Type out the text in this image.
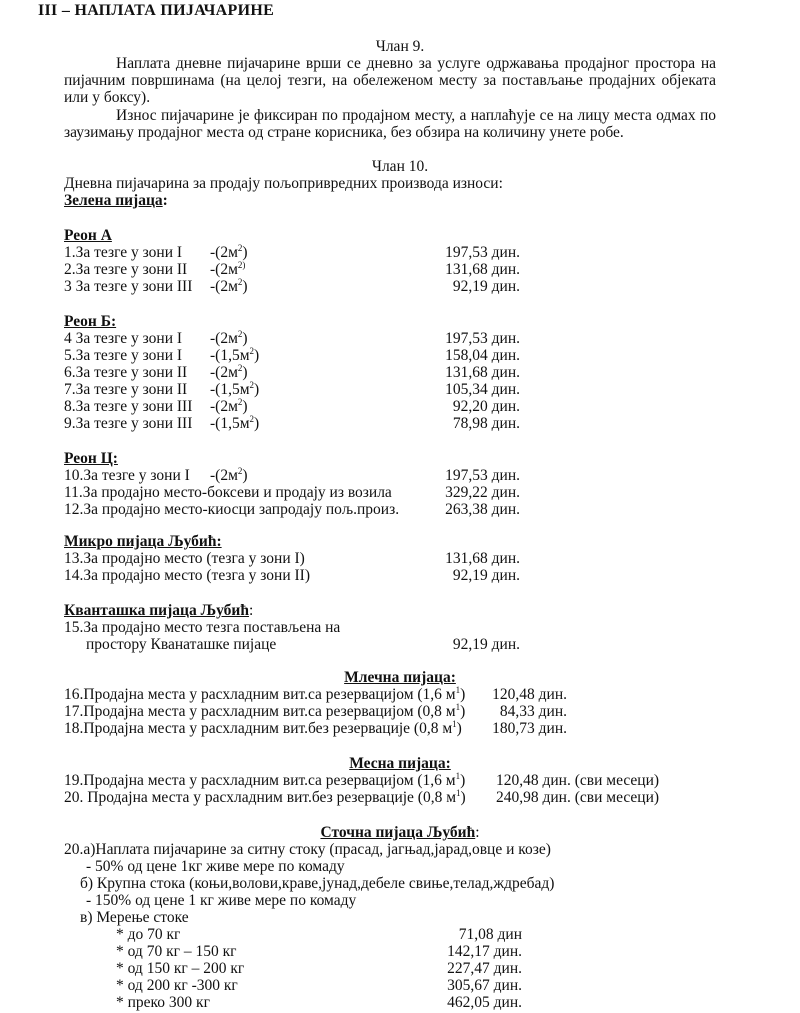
III – НАПЛАТА ПИЈАЧАРИНЕ
Члан 9.

Наплата дневне пијачарине врши се дневно за услуге одржавања продајног простора на пијачним површинама (на целој тезги, на обележеном месту за постављање продајних објеката или у боксу).

Износ пијачарине је фиксиран по продајном месту, а наплаћује се на лицу места одмах по заузимању продајног места од стране корисника, без обзира на количину унете робе.

Члан 10.
Дневна пијачарина за продају пољопривредних производа износи:
Зелена пијаца:
Реон А
1.За тезге у зони I $-(2м^2)$	197,53 дин.
2.За тезге у зони II $-(2м^{2)}$	131,68 дин.
3 За тезге у зони III $-(2м^2)$	92,19 дин.
Реон Б:
4 За тезге у зони I $-(2м^2)$	197,53 дин.
5.За тезге у зони I $-(1,5м^2)$	158,04 дин.
6.За тезге у зони II $-(2м^2)$	131,68 дин.
7.За тезге у зони II $-(1,5м^2)$	105,34 дин.
8.За тезге у зони III $-(2м^2)$	92,20 дин.
9.За тезге у зони III $-(1,5м^2)$	78,98 дин.
Реон Ц:
10.За тезге у зони I $-(2м^2)$	197,53 дин.
11.За продајно место-боксеви и продају из возила	329,22 дин.
12.За продајно место-киосци запродају пољ.произ.	263,38 дин.
Микро пијаца Љубић:
13.За продајно место (тезга у зони I)	131,68 дин.
14.За продајно место (тезга у зони II)	92,19 дин.
Кванташка пијаца Љубић:
15.За продајно место тезга постављена на
простору Кванаташке пијаце	92,19 дин.
Млечна пијаца:
16.Продајна места у расхладним вит.са резервацијом (1,6 $м^1$) 120,48 дин.
17.Продајна места у расхладним вит.са резервацијом (0,8 $м^1$) 84,33 дин.
18.Продајна места у расхладним вит.без резервације (0,8 $м^1$) 180,73 дин.
Месна пијаца:
19.Продајна места у расхладним вит.са резервацијом (1,6 $м^1$) 120,48 дин. (сви месеци)
20. Продајна места у расхладним вит.без резервације (0,8 $м^1$) 240,98 дин. (сви месеци)
Сточна пијаца Љубић:
20.а)Наплата пијачарине за ситну стоку (прасад, јагњад,јарад,овце и козе)
- 50% од цене 1кг живе мере по комаду
б) Крупна стока (коњи,волови,краве,јунад,дебеле свиње,телад,ждребад)
- 150% од цене 1 кг живе мере по комаду
в) Мерење стоке
* до 70 кг	71,08 дин
* од 70 кг – 150 кг	142,17 дин.
* од 150 кг – 200 кг	227,47 дин.
* од 200 кг -300 кг	305,67 дин.
* преко 300 кг	462,05 дин.
